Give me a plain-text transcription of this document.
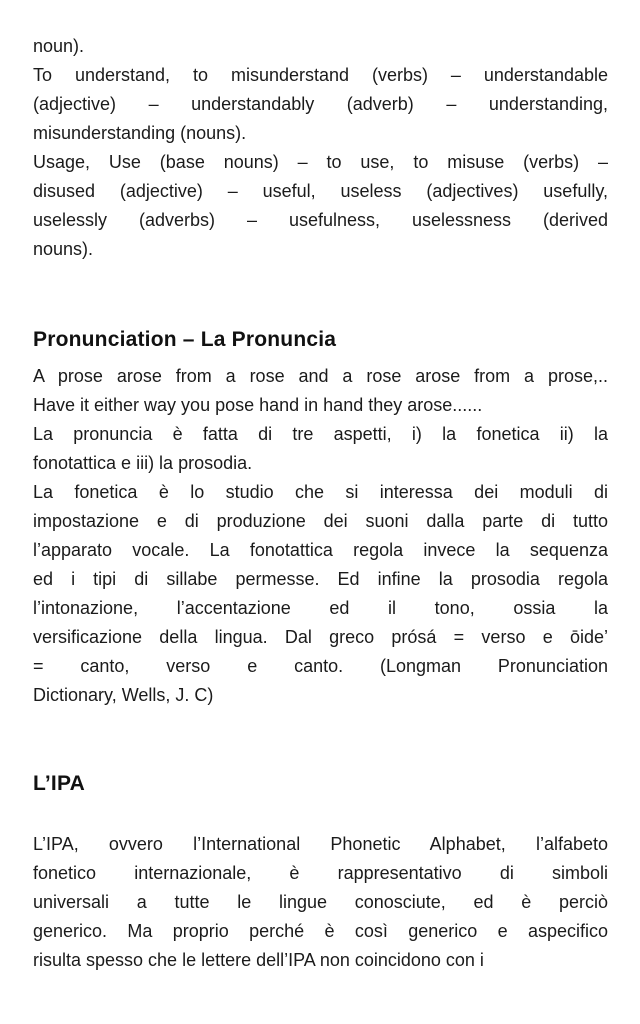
noun).
To understand, to misunderstand (verbs) – understandable
(adjective) – understandably (adverb) – understanding,
misunderstanding (nouns).
Usage, Use (base nouns) – to use, to misuse (verbs) –
disused (adjective) – useful, useless (adjectives) usefully,
uselessly (adverbs) – usefulness, uselessness (derived
nouns).
Pronunciation – La Pronuncia
A prose arose from a rose and a rose arose from a prose,..
Have it either way you pose hand in hand they arose......
La pronuncia è fatta di tre aspetti, i) la fonetica ii) la
fonotattica e iii) la prosodia.
La fonetica è lo studio che si interessa dei moduli di
impostazione e di produzione dei suoni dalla parte di tutto
l’apparato vocale. La fonotattica regola invece la sequenza
ed i tipi di sillabe permesse. Ed infine la prosodia regola
l’intonazione, l’accentazione ed il tono, ossia la
versificazione della lingua. Dal greco prósá = verso e ōide’
= canto, verso e canto. (Longman Pronunciation
Dictionary, Wells, J. C)
L’IPA
L’IPA, ovvero l’International Phonetic Alphabet, l’alfabeto
fonetico internazionale, è rappresentativo di simboli
universali a tutte le lingue conosciute, ed è perciò
generico. Ma proprio perché è così generico e aspecifico
risulta spesso che le lettere dell’IPA non coincidono con i
